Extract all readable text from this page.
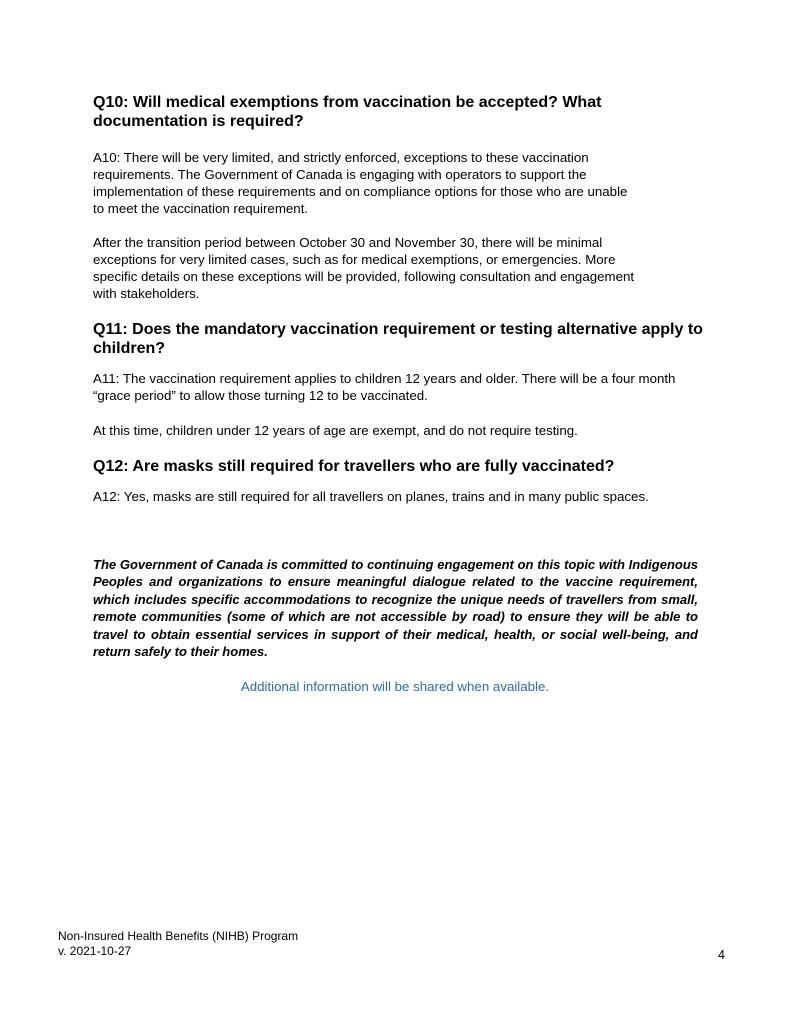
Q10: Will medical exemptions from vaccination be accepted? What
documentation is required?

A10: There will be very limited, and strictly enforced, exceptions to these vaccination
requirements. The Government of Canada is engaging with operators to support the
implementation of these requirements and on compliance options for those who are unable
to meet the vaccination requirement.

After the transition period between October 30 and November 30, there will be minimal
exceptions for very limited cases, such as for medical exemptions, or emergencies. More
specific details on these exceptions will be provided, following consultation and engagement
with stakeholders.

Q11: Does the mandatory vaccination requirement or testing alternative apply to
children?

A11: The vaccination requirement applies to children 12 years and older. There will be a four month
“grace period” to allow those turning 12 to be vaccinated.

At this time, children under 12 years of age are exempt, and do not require testing.

Q12: Are masks still required for travellers who are fully vaccinated?

A12: Yes, masks are still required for all travellers on planes, trains and in many public spaces.

The Government of Canada is committed to continuing engagement on this topic with Indigenous Peoples and organizations to ensure meaningful dialogue related to the vaccine requirement, which includes specific accommodations to recognize the unique needs of travellers from small, remote communities (some of which are not accessible by road) to ensure they will be able to travel to obtain essential services in support of their medical, health, or social well-being, and return safely to their homes.

Additional information will be shared when available.

Non-Insured Health Benefits (NIHB) Program
v. 2021-10-27	4
